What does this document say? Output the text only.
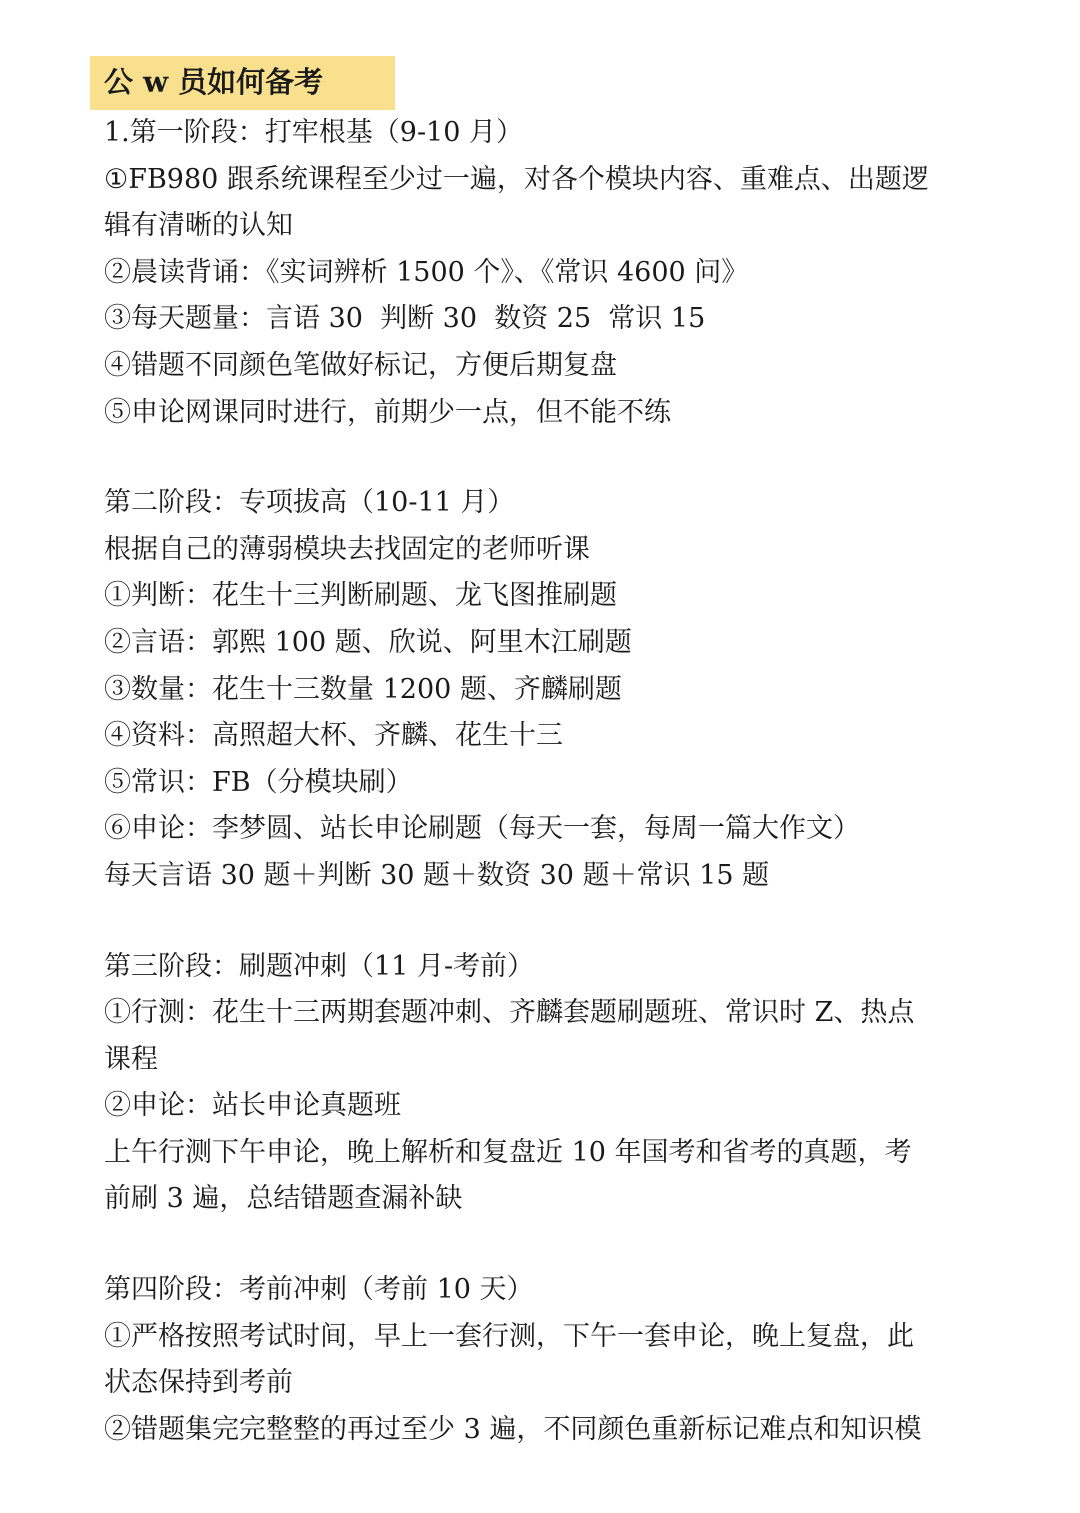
公 w 员如何备考
1.第一阶段：打牢根基（9-10 月）
①FB980 跟系统课程至少过一遍，对各个模块内容、重难点、出题逻
辑有清晰的认知
②晨读背诵：《实词辨析 1500 个》、《常识 4600 问》
③每天题量：言语 30  判断 30  数资 25  常识 15
④错题不同颜色笔做好标记，方便后期复盘
⑤申论网课同时进行，前期少一点，但不能不练
第二阶段：专项拔高（10-11 月）
根据自己的薄弱模块去找固定的老师听课
①判断：花生十三判断刷题、龙飞图推刷题
②言语：郭熙 100 题、欣说、阿里木江刷题
③数量：花生十三数量 1200 题、齐麟刷题
④资料：高照超大杯、齐麟、花生十三
⑤常识：FB（分模块刷）
⑥申论：李梦圆、站长申论刷题（每天一套，每周一篇大作文）
每天言语 30 题＋判断 30 题＋数资 30 题＋常识 15 题
第三阶段：刷题冲刺（11 月-考前）
①行测：花生十三两期套题冲刺、齐麟套题刷题班、常识时 Z、热点
课程
②申论：站长申论真题班
上午行测下午申论，晚上解析和复盘近 10 年国考和省考的真题，考
前刷 3 遍，总结错题查漏补缺
第四阶段：考前冲刺（考前 10 天）
①严格按照考试时间，早上一套行测，下午一套申论，晚上复盘，此
状态保持到考前
②错题集完完整整的再过至少 3 遍，不同颜色重新标记难点和知识模
